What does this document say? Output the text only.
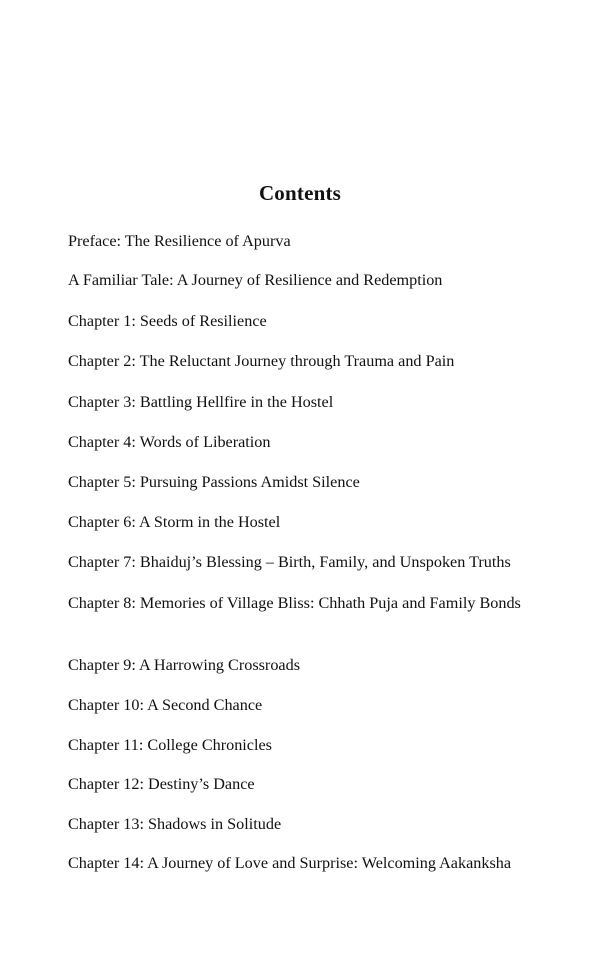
Contents
Preface: The Resilience of Apurva
A Familiar Tale: A Journey of Resilience and Redemption
Chapter 1: Seeds of Resilience
Chapter 2: The Reluctant Journey through Trauma and Pain
Chapter 3: Battling Hellfire in the Hostel
Chapter 4: Words of Liberation
Chapter 5: Pursuing Passions Amidst Silence
Chapter 6: A Storm in the Hostel
Chapter 7: Bhaiduj’s Blessing – Birth, Family, and Unspoken Truths
Chapter 8: Memories of Village Bliss: Chhath Puja and Family Bonds
Chapter 9: A Harrowing Crossroads
Chapter 10: A Second Chance
Chapter 11: College Chronicles
Chapter 12: Destiny’s Dance
Chapter 13: Shadows in Solitude
Chapter 14: A Journey of Love and Surprise: Welcoming Aakanksha
